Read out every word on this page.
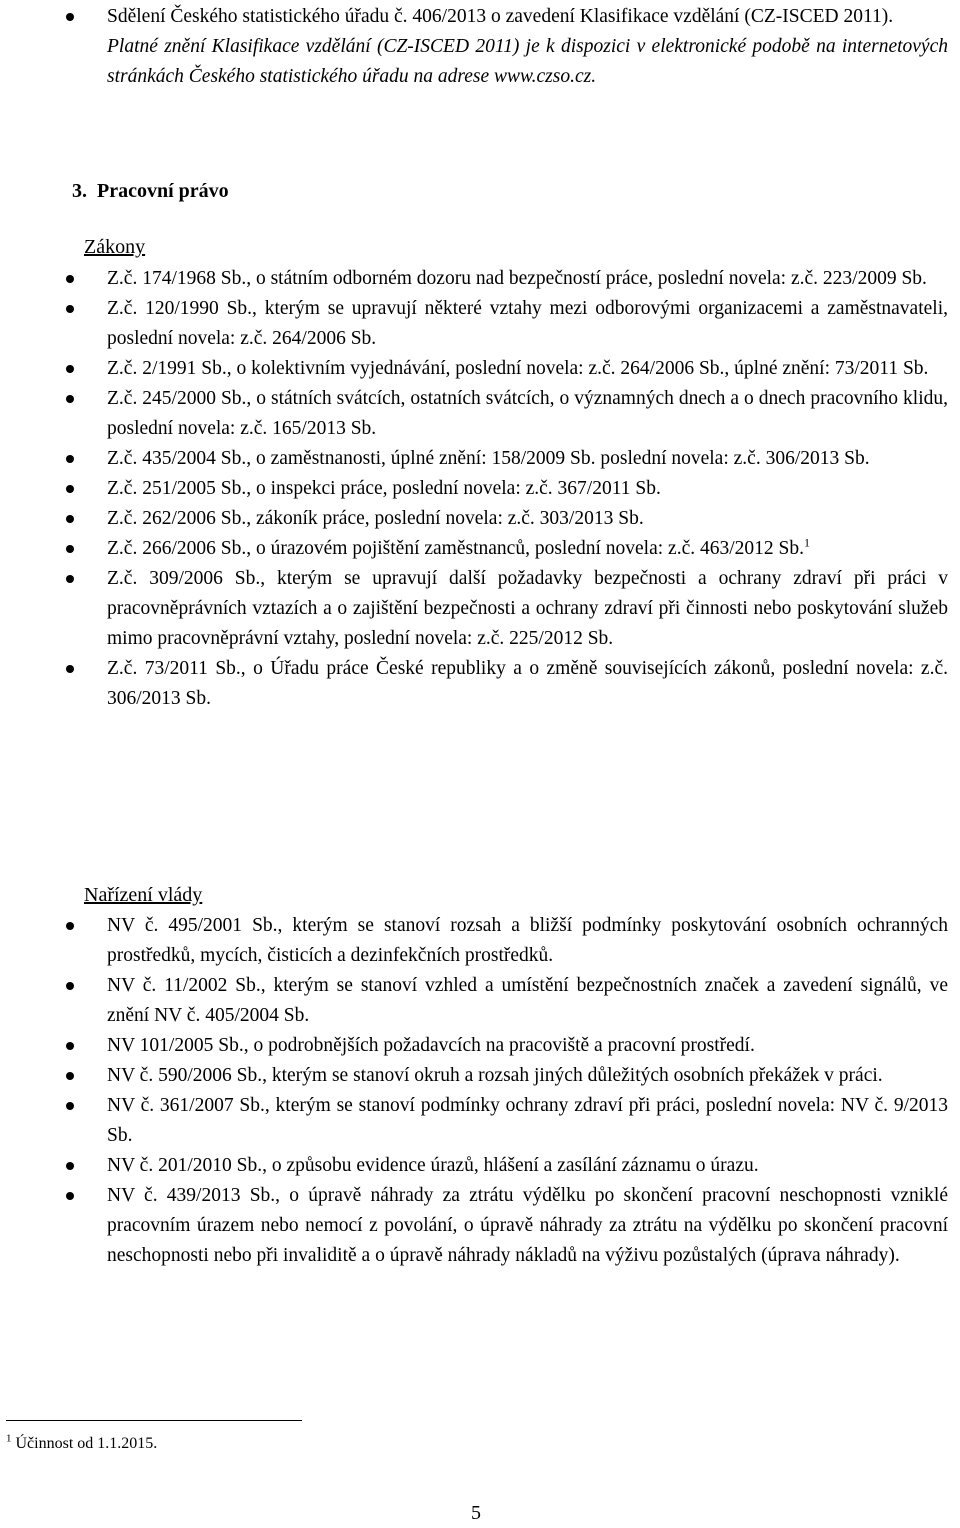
Sdělení Českého statistického úřadu č. 406/2013 o zavedení Klasifikace vzdělání (CZ-ISCED 2011).
Platné znění Klasifikace vzdělání (CZ-ISCED 2011) je k dispozici v elektronické podobě na internetových stránkách Českého statistického úřadu na adrese www.czso.cz.
3. Pracovní právo
Zákony
Z.č. 174/1968 Sb., o státním odborném dozoru nad bezpečností práce, poslední novela: z.č. 223/2009 Sb.
Z.č. 120/1990 Sb., kterým se upravují některé vztahy mezi odborovými organizacemi a zaměstnavateli, poslední novela: z.č. 264/2006 Sb.
Z.č. 2/1991 Sb., o kolektivním vyjednávání, poslední novela: z.č. 264/2006 Sb., úplné znění: 73/2011 Sb.
Z.č. 245/2000 Sb., o státních svátcích, ostatních svátcích, o významných dnech a o dnech pracovního klidu, poslední novela: z.č. 165/2013 Sb.
Z.č. 435/2004 Sb., o zaměstnanosti, úplné znění: 158/2009 Sb. poslední novela: z.č. 306/2013 Sb.
Z.č. 251/2005 Sb., o inspekci práce, poslední novela: z.č. 367/2011 Sb.
Z.č. 262/2006 Sb., zákoník práce, poslední novela: z.č. 303/2013 Sb.
Z.č. 266/2006 Sb., o úrazovém pojištění zaměstnanců, poslední novela: z.č. 463/2012 Sb.$^1$
Z.č. 309/2006 Sb., kterým se upravují další požadavky bezpečnosti a ochrany zdraví při práci v pracovněprávních vztazích a o zajištění bezpečnosti a ochrany zdraví při činnosti nebo poskytování služeb mimo pracovněprávní vztahy, poslední novela: z.č. 225/2012 Sb.
Z.č. 73/2011 Sb., o Úřadu práce České republiky a o změně souvisejících zákonů, poslední novela: z.č. 306/2013 Sb.
Nařízení vlády
NV č. 495/2001 Sb., kterým se stanoví rozsah a bližší podmínky poskytování osobních ochranných prostředků, mycích, čisticích a dezinfekčních prostředků.
NV č. 11/2002 Sb., kterým se stanoví vzhled a umístění bezpečnostních značek a zavedení signálů, ve znění NV č. 405/2004 Sb.
NV 101/2005 Sb., o podrobnějších požadavcích na pracoviště a pracovní prostředí.
NV č. 590/2006 Sb., kterým se stanoví okruh a rozsah jiných důležitých osobních překážek v práci.
NV č. 361/2007 Sb., kterým se stanoví podmínky ochrany zdraví při práci, poslední novela: NV č. 9/2013 Sb.
NV č. 201/2010 Sb., o způsobu evidence úrazů, hlášení a zasílání záznamu o úrazu.
NV č. 439/2013 Sb., o úpravě náhrady za ztrátu výdělku po skončení pracovní neschopnosti vzniklé pracovním úrazem nebo nemocí z povolání, o úpravě náhrady za ztrátu na výdělku po skončení pracovní neschopnosti nebo při invaliditě a o úpravě náhrady nákladů na výživu pozůstalých (úprava náhrady).
$^1$ Účinnost od 1.1.2015.
5
